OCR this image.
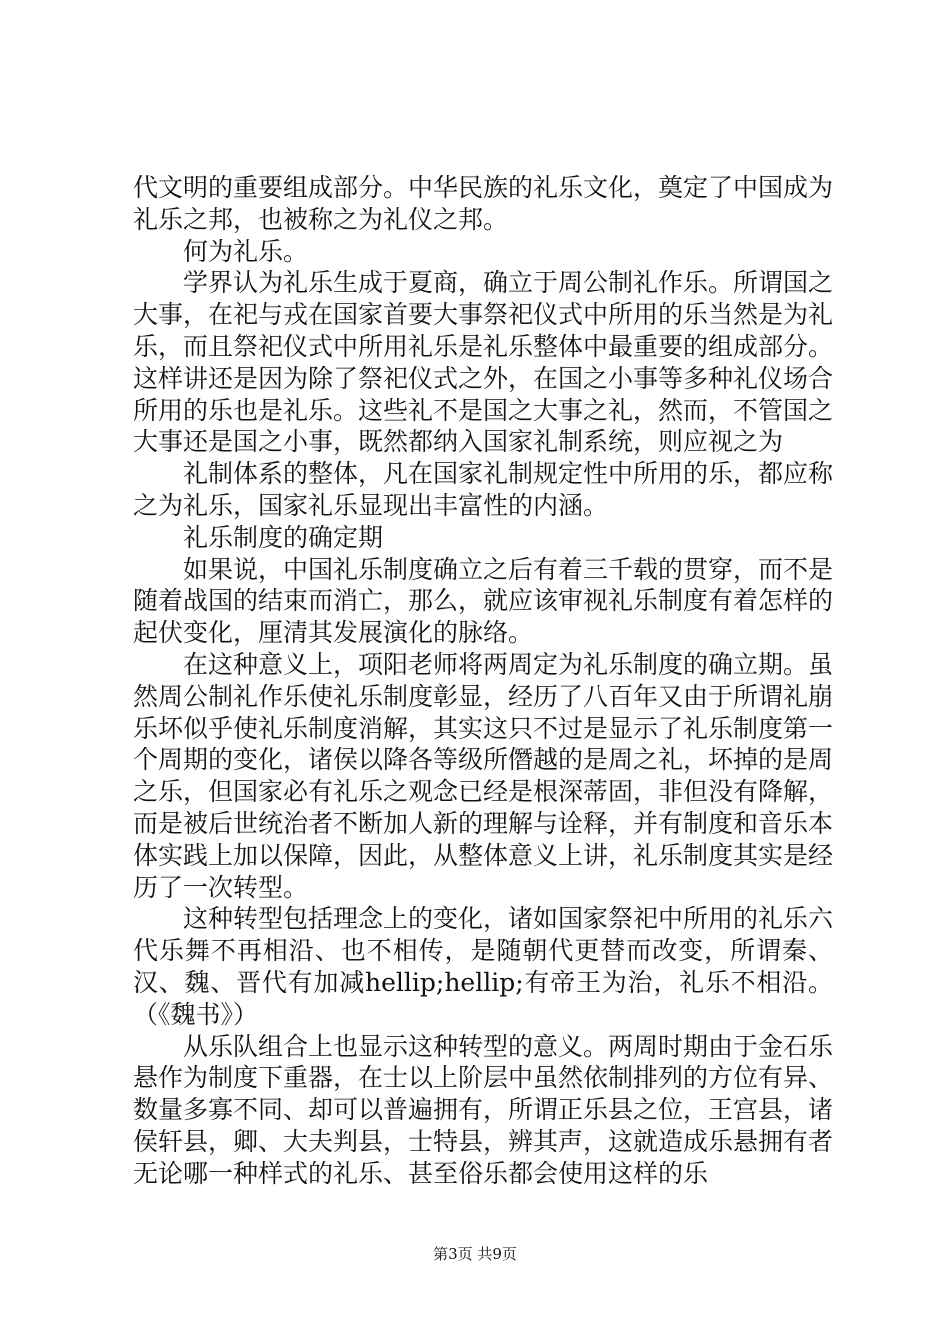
代文明的重要组成部分。中华民族的礼乐文化，奠定了中国成为礼乐之邦，也被称之为礼仪之邦。

何为礼乐。

学界认为礼乐生成于夏商，确立于周公制礼作乐。所谓国之大事，在祀与戎在国家首要大事祭祀仪式中所用的乐当然是为礼乐，而且祭祀仪式中所用礼乐是礼乐整体中最重要的组成部分。这样讲还是因为除了祭祀仪式之外，在国之小事等多种礼仪场合所用的乐也是礼乐。这些礼不是国之大事之礼，然而，不管国之大事还是国之小事，既然都纳入国家礼制系统，则应视之为

礼制体系的整体，凡在国家礼制规定性中所用的乐，都应称之为礼乐，国家礼乐显现出丰富性的内涵。

礼乐制度的确定期

如果说，中国礼乐制度确立之后有着三千载的贯穿，而不是随着战国的结束而消亡，那么，就应该审视礼乐制度有着怎样的起伏变化，厘清其发展演化的脉络。

在这种意义上，项阳老师将两周定为礼乐制度的确立期。虽然周公制礼作乐使礼乐制度彰显，经历了八百年又由于所谓礼崩乐坏似乎使礼乐制度消解，其实这只不过是显示了礼乐制度第一个周期的变化，诸侯以降各等级所僭越的是周之礼，坏掉的是周之乐，但国家必有礼乐之观念已经是根深蒂固，非但没有降解，而是被后世统治者不断加人新的理解与诠释，并有制度和音乐本体实践上加以保障，因此，从整体意义上讲，礼乐制度其实是经历了一次转型。

这种转型包括理念上的变化，诸如国家祭祀中所用的礼乐六代乐舞不再相沿、也不相传，是随朝代更替而改变，所谓秦、汉、魏、晋代有加减hellip;hellip;有帝王为治，礼乐不相沿。（《魏书》）

从乐队组合上也显示这种转型的意义。两周时期由于金石乐悬作为制度下重器，在士以上阶层中虽然依制排列的方位有异、数量多寡不同、却可以普遍拥有，所谓正乐县之位，王宫县，诸侯轩县，卿、大夫判县，士特县，辨其声，这就造成乐悬拥有者无论哪一种样式的礼乐、甚至俗乐都会使用这样的乐

第3页 共9页
